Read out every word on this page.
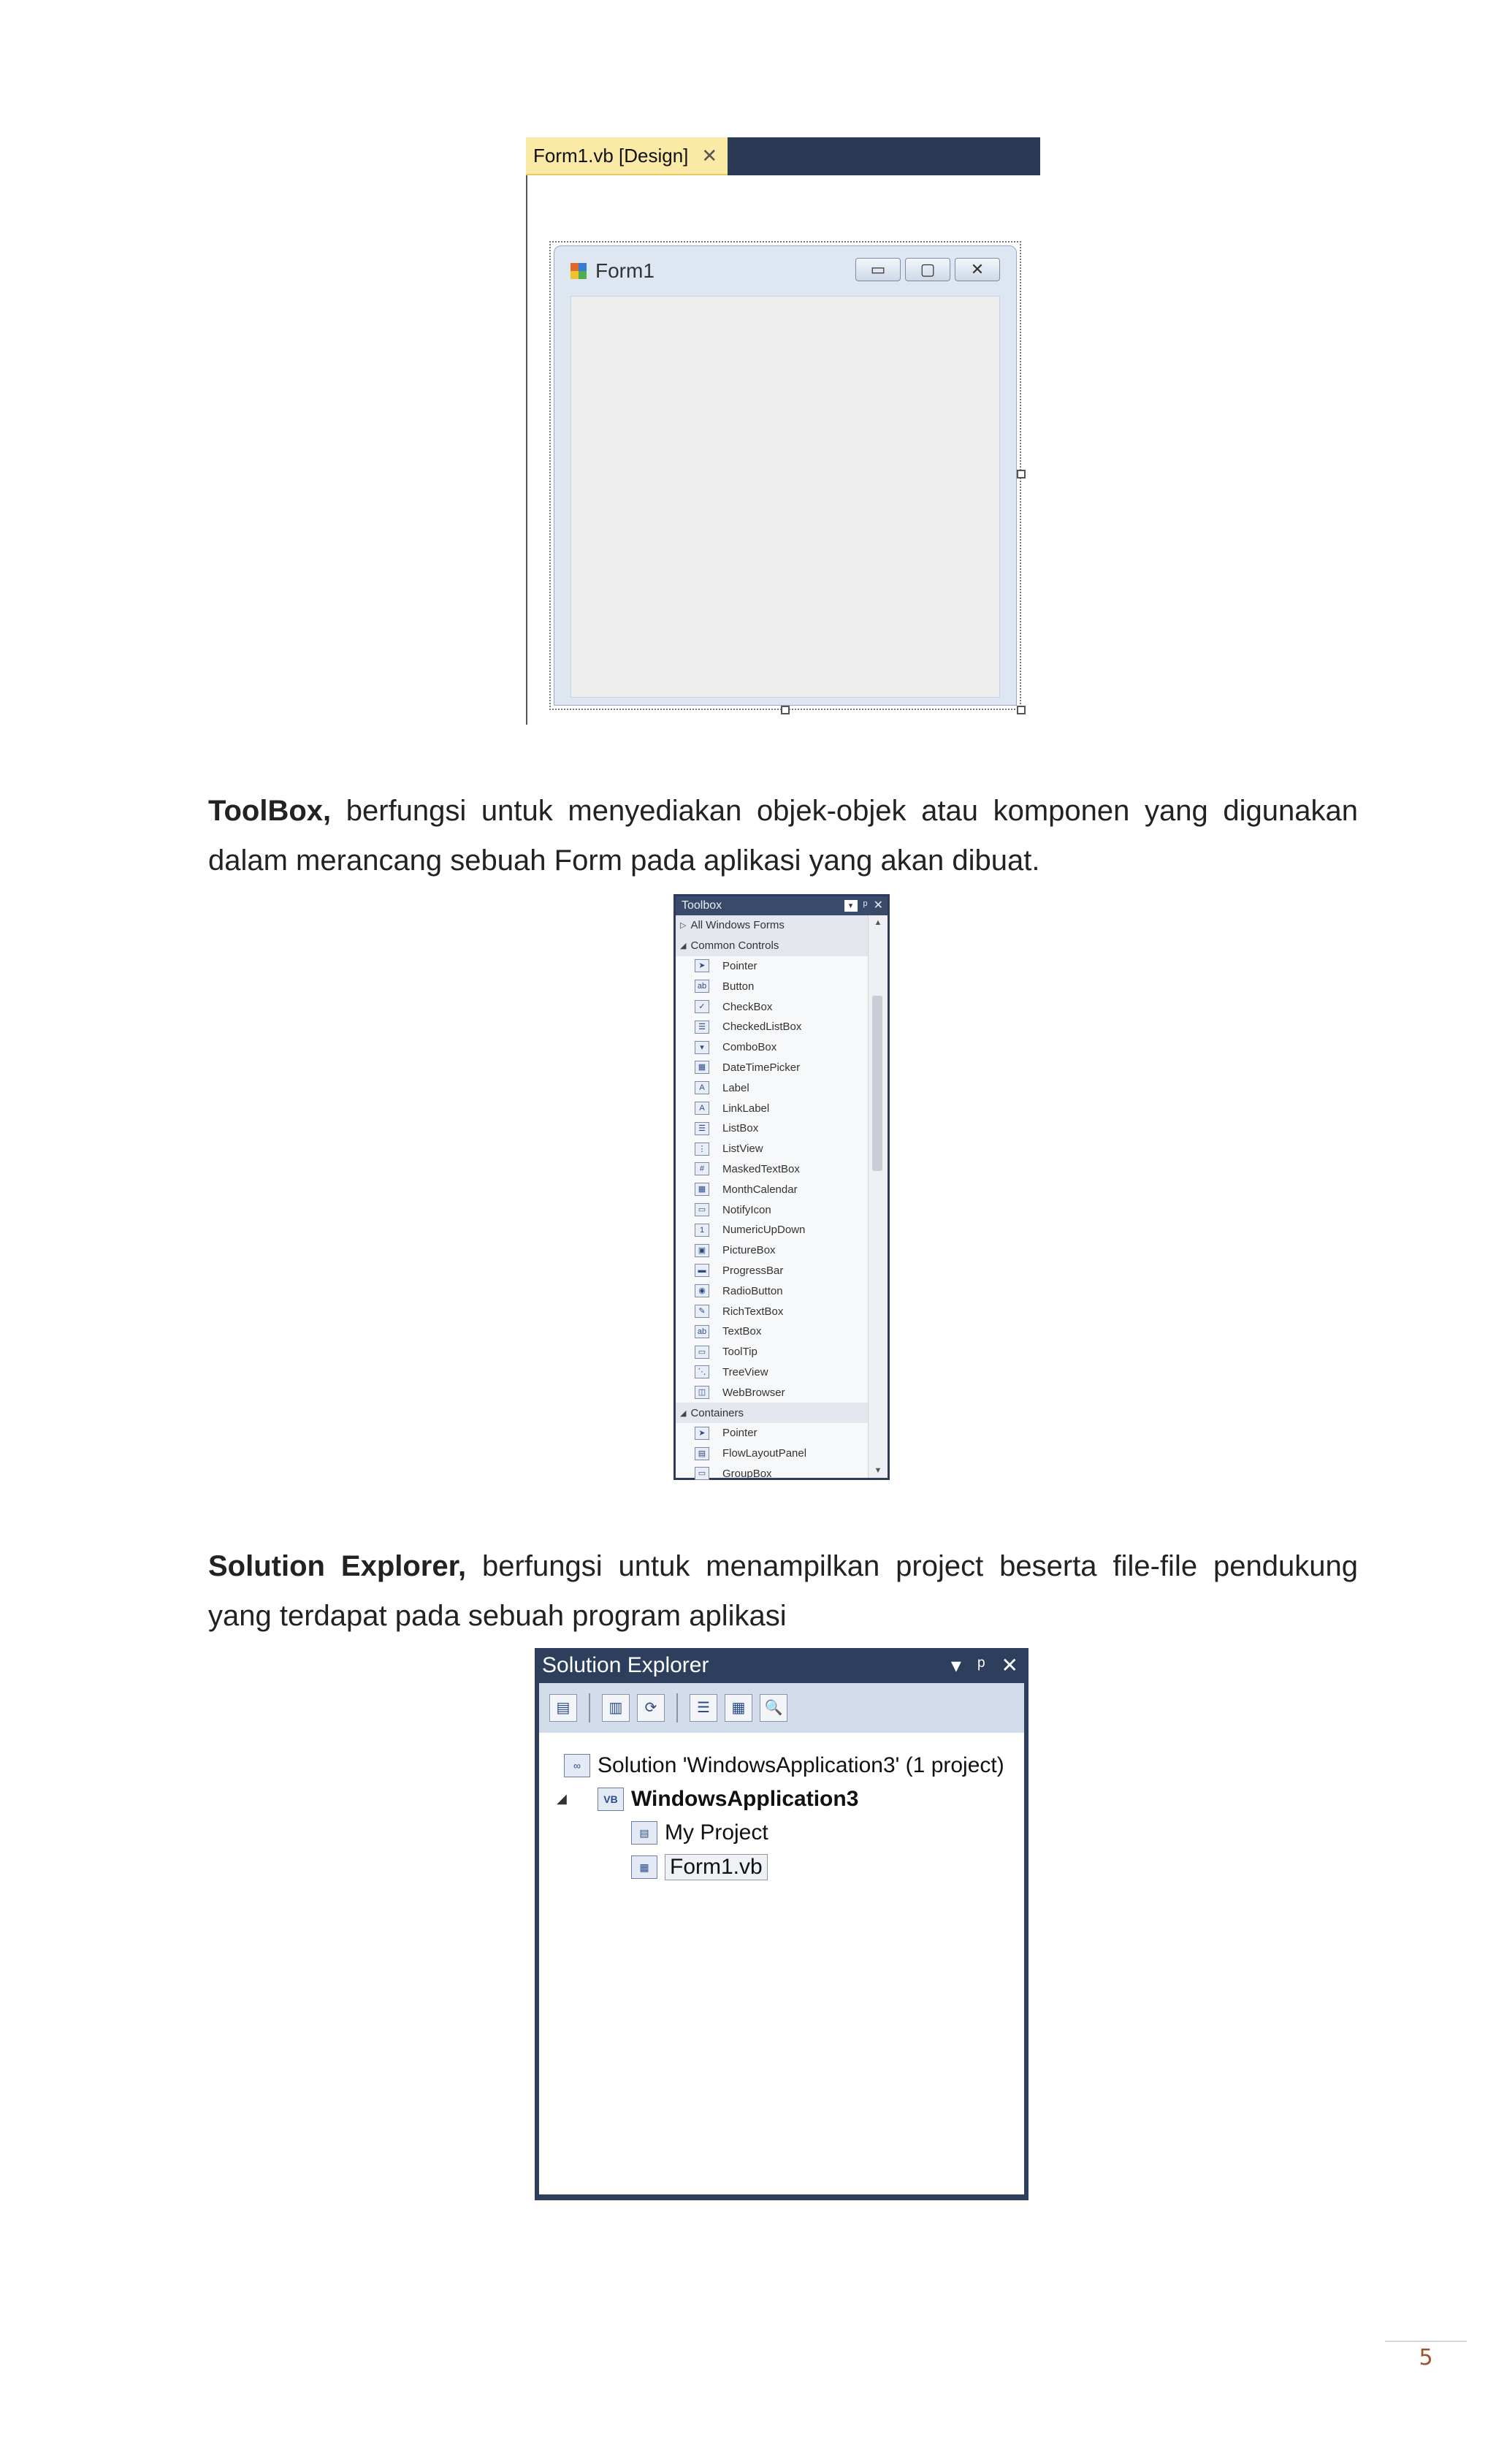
Form1.vb [Design] ✕
Form1	▭	▢	✕
ToolBox, berfungsi untuk menyediakan objek-objek atau komponen yang digunakan
dalam merancang sebuah Form pada aplikasi yang akan dibuat.
Toolbox	▾ ᵖ ✕
▷ All Windows Forms
◢ Common Controls
➤	Pointer
ab Button
✓	CheckBox
☰	CheckedListBox
▾	ComboBox
▦	DateTimePicker
A	Label
A	LinkLabel
☰	ListBox
⋮	ListView
#	MaskedTextBox
▦	MonthCalendar
▭	NotifyIcon
1	NumericUpDown
▣	PictureBox
▬	ProgressBar
◉	RadioButton
✎	RichTextBox
ab TextBox
▭	ToolTip
⋱	TreeView
◫	WebBrowser
◢ Containers
➤	Pointer
▤	FlowLayoutPanel
▭	GroupBox
▲
▼
Solution Explorer, berfungsi untuk menampilkan project beserta file-file pendukung
yang terdapat pada sebuah program aplikasi
Solution Explorer	▾ ᵖ ✕
▤	▥	⟳	☰	▦	🔍
∞ Solution 'WindowsApplication3' (1 project)
◢	VB WindowsApplication3
▤ My Project
▦ Form1.vb
5
